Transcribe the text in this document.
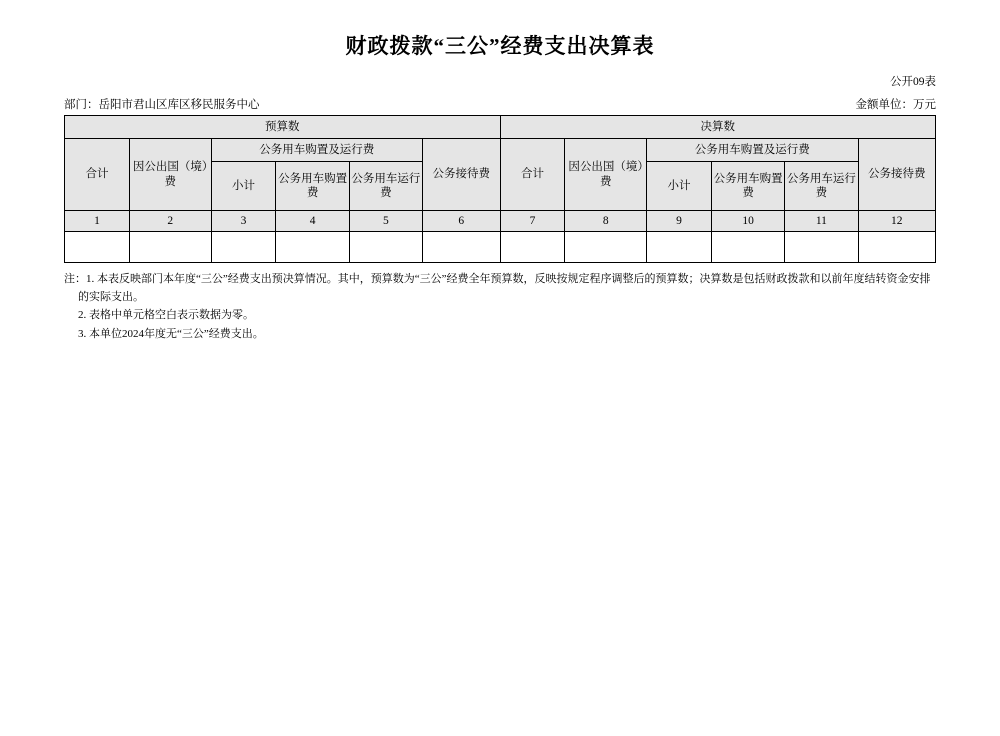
财政拨款“三公”经费支出决算表
公开09表
部门：岳阳市君山区库区移民服务中心	金额单位：万元
预算数						决算数					
合计	因公出国（境）费	公务用车购置及运行费			公务接待费	合计	因公出国（境）费	公务用车购置及运行费			公务接待费
		小计	公务用车购置费	公务用车运行费				小计	公务用车购置费	公务用车运行费	
1	2	3	4	5	6	7	8	9	10	11	12

注：1. 本表反映部门本年度“三公”经费支出预决算情况。其中，预算数为“三公”经费全年预算数，反映按规定程序调整后的预算数；决算数是包括财政拨款和以前年度结转资金安排

的实际支出。

2. 表格中单元格空白表示数据为零。

3. 本单位2024年度无“三公”经费支出。
